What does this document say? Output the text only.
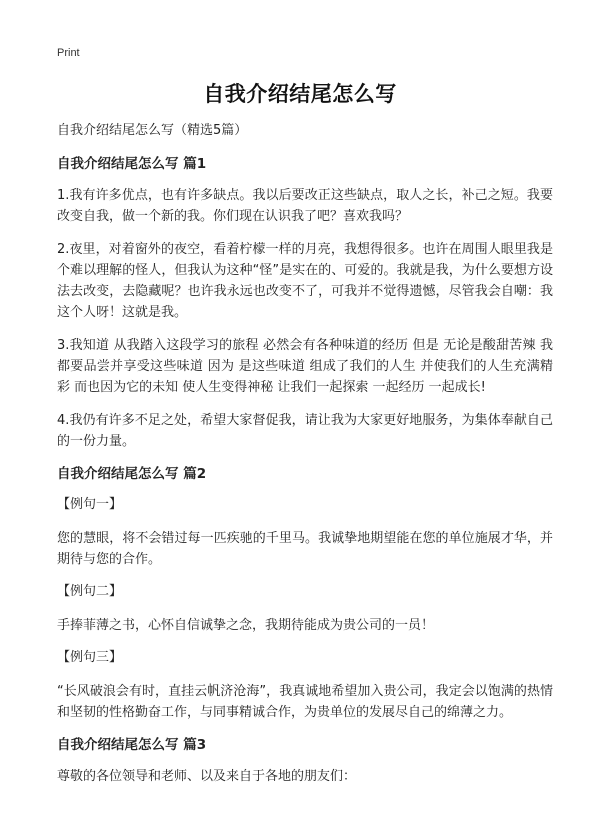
Print
自我介绍结尾怎么写
自我介绍结尾怎么写（精选5篇）
自我介绍结尾怎么写 篇1
1.我有许多优点，也有许多缺点。我以后要改正这些缺点，取人之长，补己之短。我要改变自我，做一个新的我。你们现在认识我了吧？喜欢我吗？
2.夜里，对着窗外的夜空，看着柠檬一样的月亮，我想得很多。也许在周围人眼里我是个难以理解的怪人，但我认为这种“怪”是实在的、可爱的。我就是我，为什么要想方设法去改变，去隐藏呢？也许我永远也改变不了，可我并不觉得遗憾，尽管我会自嘲：我这个人呀！这就是我。
3.我知道 从我踏入这段学习的旅程 必然会有各种味道的经历 但是 无论是酸甜苦辣 我都要品尝并享受这些味道 因为 是这些味道 组成了我们的人生 并使我们的人生充满精彩 而也因为它的未知 使人生变得神秘 让我们一起探索 一起经历 一起成长!
4.我仍有许多不足之处，希望大家督促我，请让我为大家更好地服务，为集体奉献自己的一份力量。
自我介绍结尾怎么写 篇2
【例句一】
您的慧眼，将不会错过每一匹疾驰的千里马。我诚挚地期望能在您的单位施展才华，并期待与您的合作。
【例句二】
手捧菲薄之书，心怀自信诚挚之念，我期待能成为贵公司的一员！
【例句三】
“长风破浪会有时，直挂云帆济沧海”，我真诚地希望加入贵公司，我定会以饱满的热情和坚韧的性格勤奋工作，与同事精诚合作，为贵单位的发展尽自己的绵薄之力。
自我介绍结尾怎么写 篇3
尊敬的各位领导和老师、以及来自于各地的朋友们：
